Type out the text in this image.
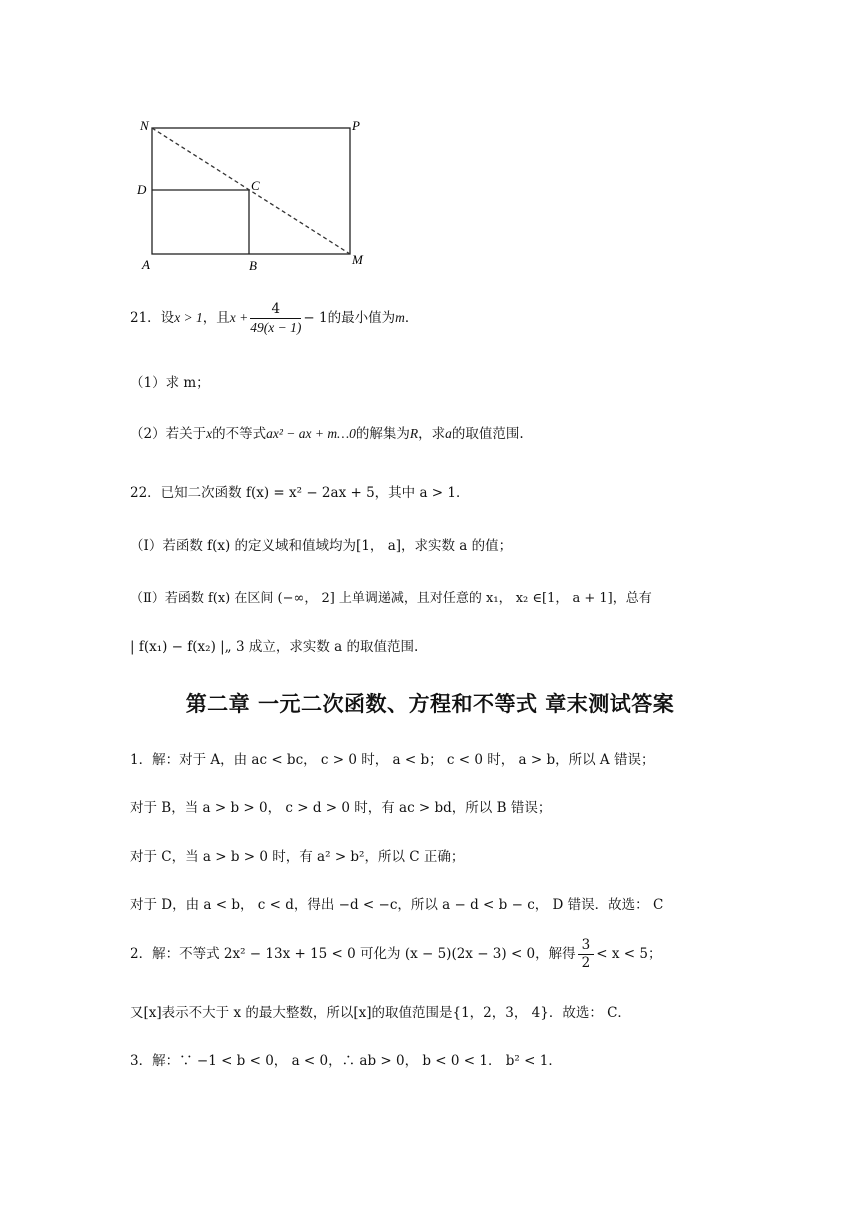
N	P
D	C
A	B	M
21．设x > 1，且$x + \frac{4}{49(x - 1)} - 1$的最小值为m．
（1）求 m；
（2）若关于x的不等式ax² − ax + m…0的解集为R，求a的取值范围.
22．已知二次函数 f(x) = x² − 2ax + 5，其中 a > 1．
（Ⅰ）若函数 f(x) 的定义域和值域均为[1， a]，求实数 a 的值；
（Ⅱ）若函数 f(x) 在区间 (−∞， 2] 上单调递减，且对任意的 x₁， x₂ ∈[1， a + 1]，总有
| f(x₁) − f(x₂) |„ 3 成立，求实数 a 的取值范围.
第二章 一元二次函数、方程和不等式 章末测试答案
1．解：对于 A，由 ac < bc， c > 0 时， a < b； c < 0 时， a > b，所以 A 错误；
对于 B，当 a > b > 0， c > d > 0 时，有 ac > bd，所以 B 错误；
对于 C，当 a > b > 0 时，有 a² > b²，所以 C 正确；
对于 D，由 a < b， c < d，得出 −d < −c，所以 a − d < b − c， D 错误．故选： C
2．解：不等式 2x² − 13x + 15 < 0 可化为 (x − 5)(2x − 3) < 0，解得 $\frac{3}{2} < x < 5$；
又[x]表示不大于 x 的最大整数，所以[x]的取值范围是{1，2，3， 4}．故选： C．
3．解：∵ −1 < b < 0， a < 0，∴ ab > 0， b < 0 < 1． b² < 1．
